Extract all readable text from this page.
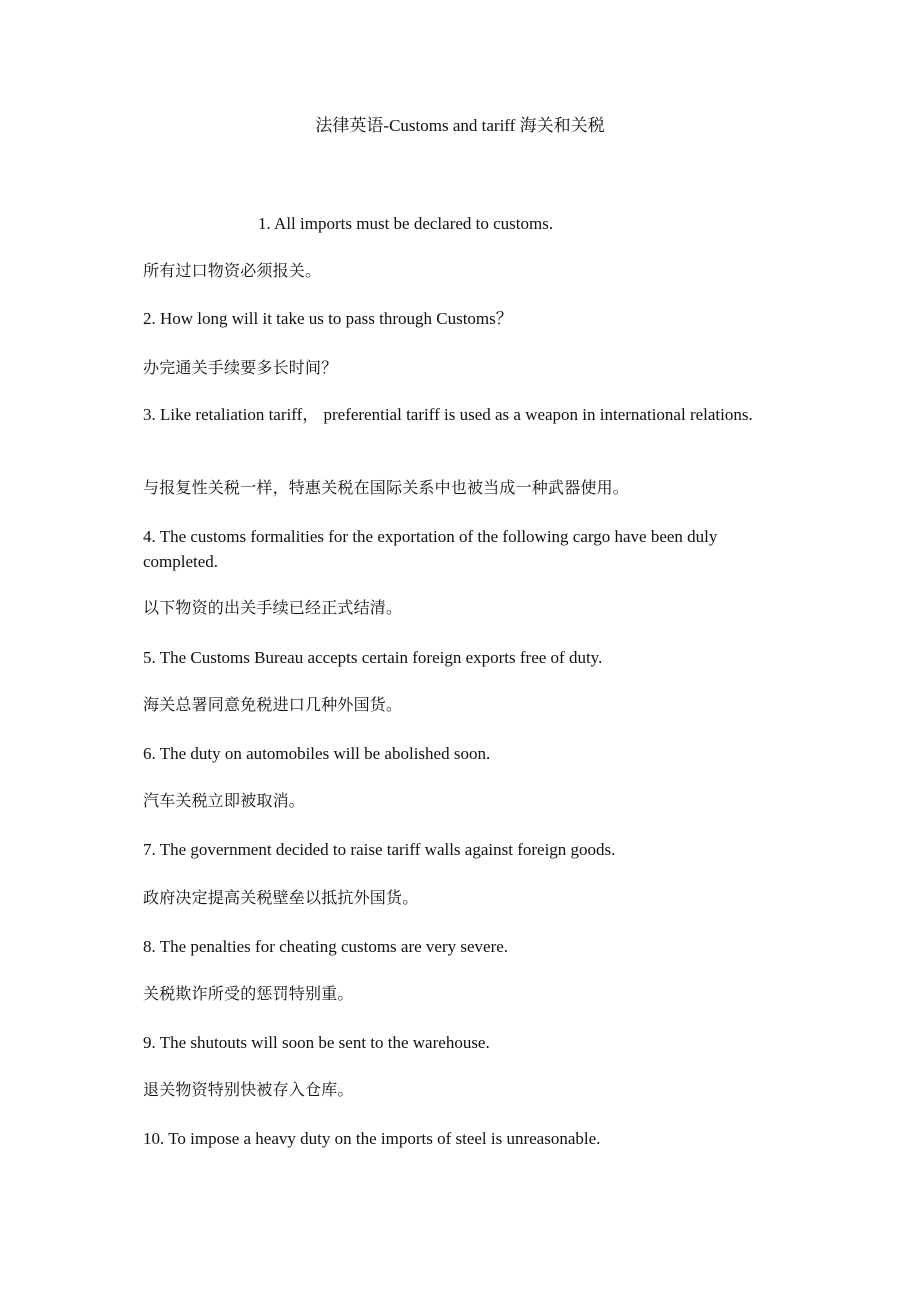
法律英语-Customs and tariff 海关和关税
1. All imports must be declared to customs.
所有过口物资必须报关。
2. How long will it take us to pass through Customs？
办完通关手续要多长时间？
3. Like retaliation tariff， preferential tariff is used as a weapon in international relations.
与报复性关税一样，特惠关税在国际关系中也被当成一种武器使用。
4. The customs formalities for the exportation of the following cargo have been duly completed.
以下物资的出关手续已经正式结清。
5. The Customs Bureau accepts certain foreign exports free of duty.
海关总署同意免税进口几种外国货。
6. The duty on automobiles will be abolished soon.
汽车关税立即被取消。
7. The government decided to raise tariff walls against foreign goods.
政府决定提高关税壁垒以抵抗外国货。
8. The penalties for cheating customs are very severe.
关税欺诈所受的惩罚特别重。
9. The shutouts will soon be sent to the warehouse.
退关物资特别快被存入仓库。
10. To impose a heavy duty on the imports of steel is unreasonable.
